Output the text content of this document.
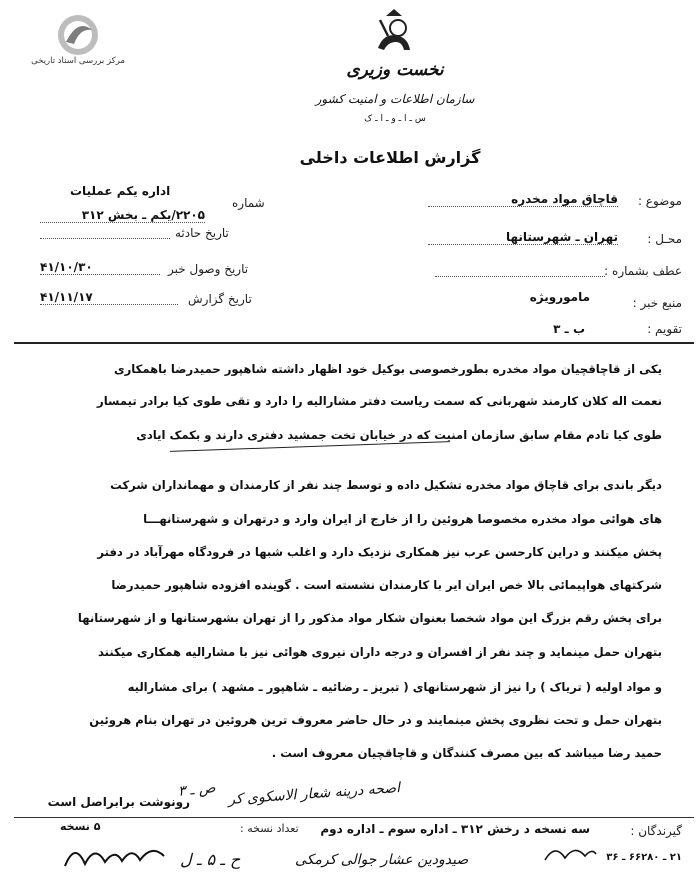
مرکز بررسی اسناد تاریخی	نخست وزیری
سازمان اطلاعات و امنیت کشور
س ـ ا ـ و ـ ا ـ ک
گزارش اطلاعات داخلی
موضوع :
قاچاق مواد مخدره
محـل :
تهران ـ شهرستانها
عطف بشماره :
منبع خبر :
مامورویژه
تقویم :
ب ـ ۳
شماره
اداره یکم عملیات
۲۲۰۵/یکم ـ بخش ۳۱۲
تاریخ حادثه
تاریخ وصول خبر
۴۱/۱۰/۳۰
تاریخ گزارش
۴۱/۱۱/۱۷
یکی از قاچاقچیان مواد مخدره بطورخصوصی بوکیل خود اظهار داشته شاهپور حمیدرضا باهمکاری
نعمت اله کلان کارمند شهربانی که سمت ریاست دفتر مشارالیه را دارد و تقی طوی کیا برادر تیمسار
طوی کیا تادم مقام سابق سازمان امنیت که در خیابان تخت جمشید دفتری دارند و بکمک ایادی
دیگر باندی برای قاچاق مواد مخدره تشکیل داده و توسط چند نفر از کارمندان و مهمانداران شرکت
های هوائی مواد مخدره مخصوصا هروئین را از خارج از ایران وارد و درتهران و شهرستانهـــا
پخش میکنند و دراین کارحسن عرب نیز همکاری نزدیک دارد و اغلب شبها در فرودگاه مهرآباد در دفتر
شرکتهای هواپیمائی بالا خص ایران ایر با کارمندان نشسته است . گوینده افزوده شاهپور حمیدرضا
برای پخش رقم بزرگ این مواد شخصا بعنوان شکار مواد مذکور را از تهران بشهرستانها و از شهرستانها
بتهران حمل مینماید و چند نفر از افسران و درجه داران نیروی هوائی نیز با مشارالیه همکاری میکنند
و مواد اولیه ( تریاک ) را نیز از شهرستانهای ( تبریز ـ رضائیه ـ شاهپور ـ مشهد ) برای مشارالیه
بتهران حمل و تحت نظروی پخش مینمایند و در حال حاضر معروف ترین هروئین در تهران بنام هروئین
حمید رضا میباشد که بین مصرف کنندگان و قاچاقچیان معروف است .
رونوشت برابراصل است	اصحه درینه شعار الاسکوی کر
ص ـ ۳
گیرندگان :
سه نسخه د رخش ۳۱۲ ـ اداره سوم ـ اداره دوم
تعداد نسخه :
۵ نسخه
۲۱ ـ ۶۶۲۸۰ ـ ۳۶
ح ـ ۵ ـ ل	صیدودین عشار جوالی کرمکی
